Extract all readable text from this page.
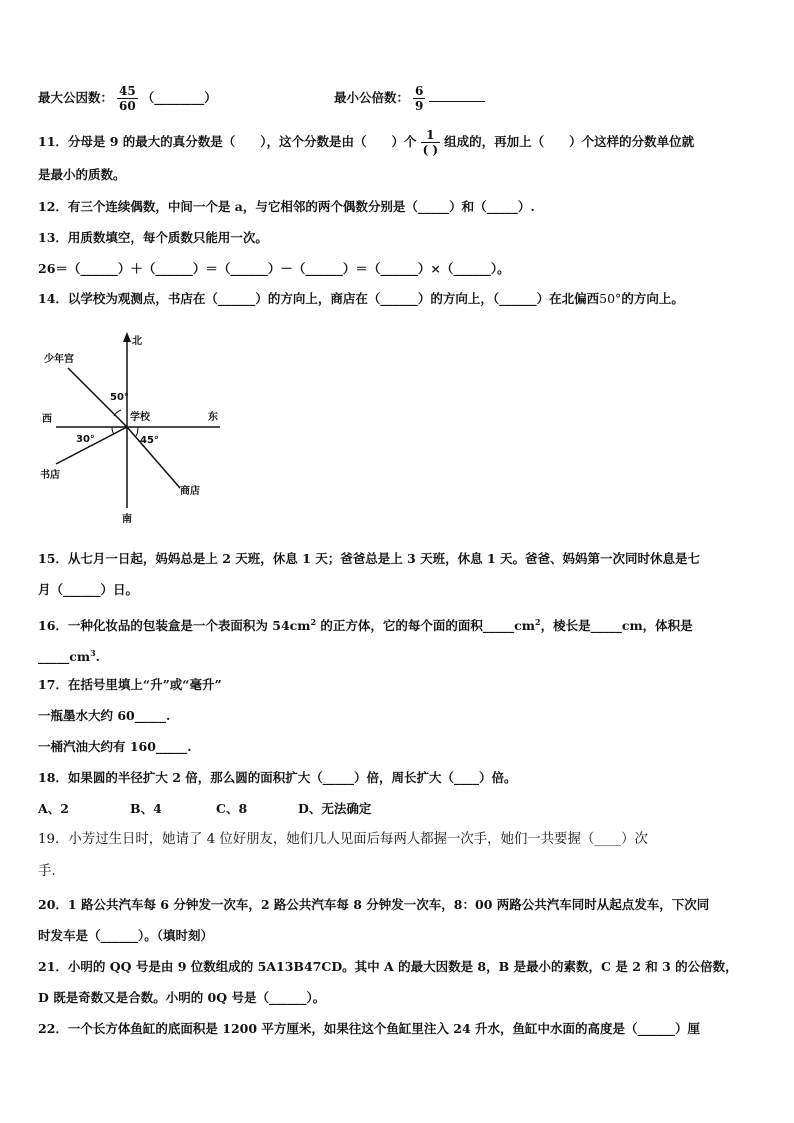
最大公因数： $\frac{45}{60}$ （________）	最小公倍数： $\frac{6}{9}$
11．分母是 9 的最大的真分数是（　　），这个分数是由（　　）个 $\frac{1}{( )}$ 组成的，再加上（　　）个这样的分数单位就
是最小的质数。
12．有三个连续偶数，中间一个是 a，与它相邻的两个偶数分别是（_____）和（_____）.
13．用质数填空，每个质数只能用一次。
26＝（______）＋（______）＝（______）－（______）＝（______）×（______）。
14．以学校为观测点，书店在（______）的方向上，商店在（______）的方向上，（______）在北偏西50°的方向上。
北
南
东
西	学校
少年宫
书店
商店
50°
30°	45°
15．从七月一日起，妈妈总是上 2 天班，休息 1 天；爸爸总是上 3 天班，休息 1 天。爸爸、妈妈第一次同时休息是七
月（______）日。
16．一种化妆品的包装盒是一个表面积为 $54cm^2$ 的正方体，它的每个面的面积$\_\_\_\_\_cm^2$，棱长是_____cm，体积是
$\_\_\_\_\_cm^3$.
17．在括号里填上“升”或“毫升”
一瓶墨水大约 60_____.
一桶汽油大约有 160_____.
18．如果圆的半径扩大 2 倍，那么圆的面积扩大（_____）倍，周长扩大（____）倍。
A、2	B、4	C、8	D、无法确定
19．小芳过生日时，她请了 4 位好朋友，她们几人见面后每两人都握一次手，她们一共要握（____）次
手.
20．1 路公共汽车每 6 分钟发一次车，2 路公共汽车每 8 分钟发一次车，8：00 两路公共汽车同时从起点发车，下次同
时发车是（______）。（填时刻）
21．小明的 QQ 号是由 9 位数组成的 5A13B47CD。其中 A 的最大因数是 8，B 是最小的素数，C 是 2 和 3 的公倍数，
D 既是奇数又是合数。小明的 0Q 号是（______）。
22．一个长方体鱼缸的底面积是 1200 平方厘米，如果往这个鱼缸里注入 24 升水，鱼缸中水面的高度是（______）厘
